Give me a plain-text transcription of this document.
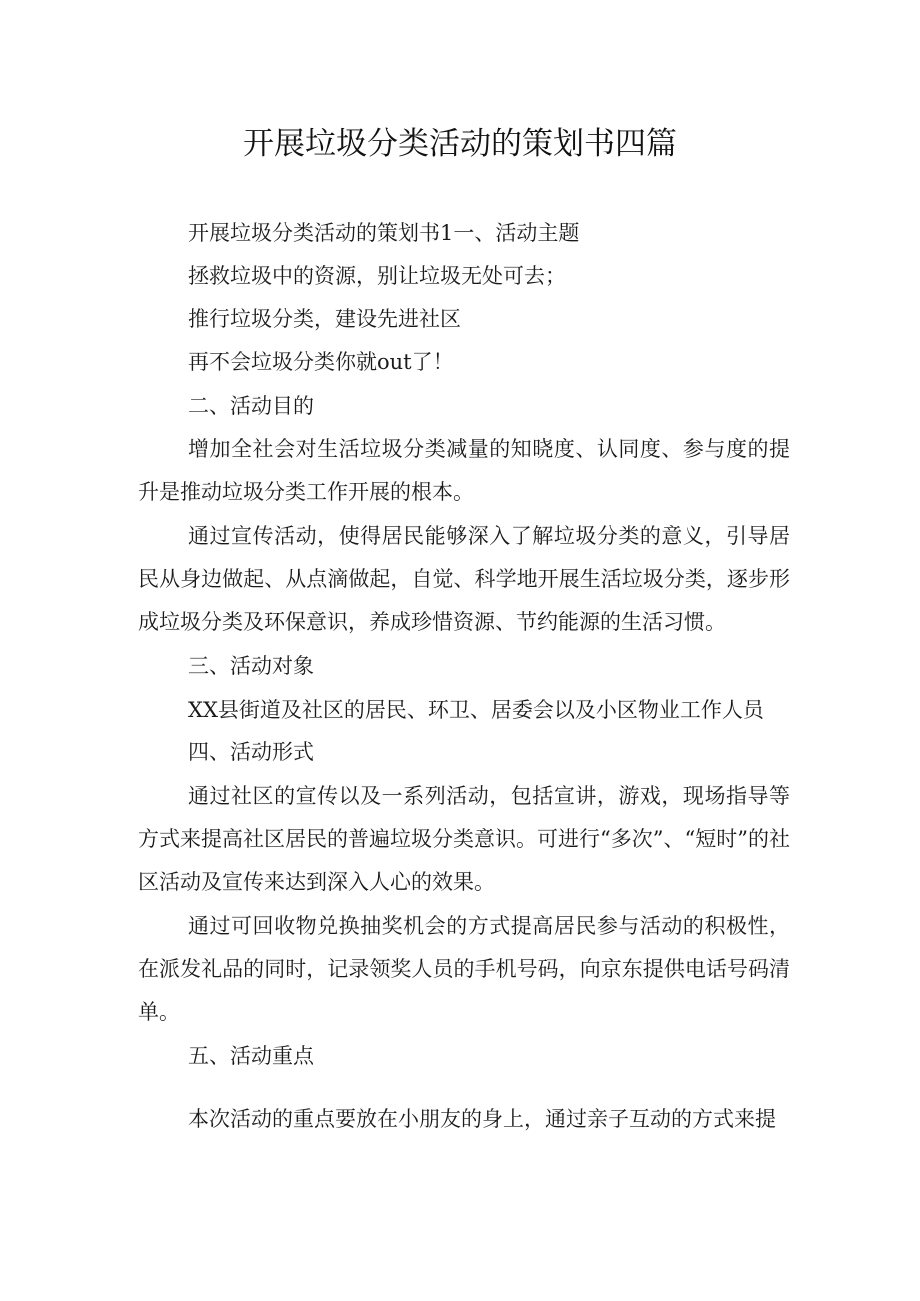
开展垃圾分类活动的策划书四篇

开展垃圾分类活动的策划书1一、活动主题

拯救垃圾中的资源，别让垃圾无处可去；

推行垃圾分类，建设先进社区

再不会垃圾分类你就out了！

二、活动目的

增加全社会对生活垃圾分类减量的知晓度、认同度、参与度的提升是推动垃圾分类工作开展的根本。

通过宣传活动，使得居民能够深入了解垃圾分类的意义，引导居民从身边做起、从点滴做起，自觉、科学地开展生活垃圾分类，逐步形成垃圾分类及环保意识，养成珍惜资源、节约能源的生活习惯。

三、活动对象

XX县街道及社区的居民、环卫、居委会以及小区物业工作人员

四、活动形式

通过社区的宣传以及一系列活动，包括宣讲，游戏，现场指导等方式来提高社区居民的普遍垃圾分类意识。可进行“多次”、“短时”的社区活动及宣传来达到深入人心的效果。

通过可回收物兑换抽奖机会的方式提高居民参与活动的积极性，在派发礼品的同时，记录领奖人员的手机号码，向京东提供电话号码清单。

五、活动重点

本次活动的重点要放在小朋友的身上，通过亲子互动的方式来提
